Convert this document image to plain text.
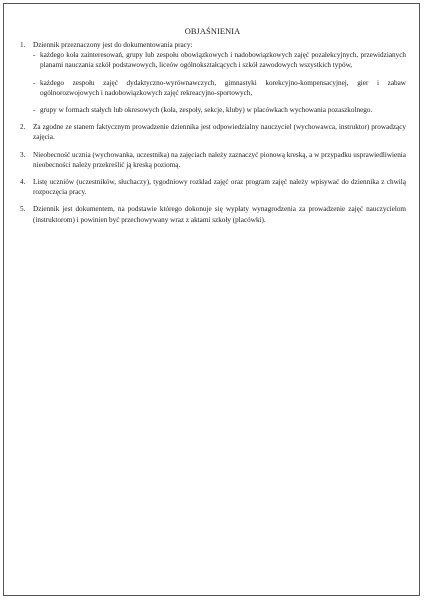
OBJAŚNIENIA
1. Dziennik przeznaczony jest do dokumentowania pracy:
- każdego koła zainteresowań, grupy lub zespołu obowiązkowych i nadobowiązkowych zajęć pozalekcyjnych, przewidzianych planami nauczania szkół podstawowych, liceów ogólnokształcących i szkół zawodowych wszystkich typów,
- każdego zespołu zajęć dydaktyczno-wyrównawczych, gimnastyki korekcyjno-kompensacyjnej, gier i zabaw ogólnorozwojowych i nadobowiązkowych zajęć rekreacyjno-sportowych,
- grupy w formach stałych lub okresowych (koła, zespoły, sekcje, kluby) w placówkach wychowania pozaszkolnego.
2. Za zgodne ze stanem faktycznym prowadzenie dziennika jest odpowiedzialny nauczyciel (wychowawca, instruktor) prowadzący zajęcia.
3. Nieobecność ucznia (wychowanka, uczestnika) na zajęciach należy zaznaczyć pionową kreską, a w przypadku usprawiedliwienia nieobecności należy przekreślić ją kreską poziomą.
4. Listę uczniów (uczestników, słuchaczy), tygodniowy rozkład zajęć oraz program zajęć należy wpisywać do dziennika z chwilą rozpoczęcia pracy.
5. Dziennik jest dokumentem, na podstawie którego dokonuje się wypłaty wynagrodzenia za prowadzenie zajęć nauczycielom (instruktorom) i powinien być przechowywany wraz z aktami szkoły (placówki).
